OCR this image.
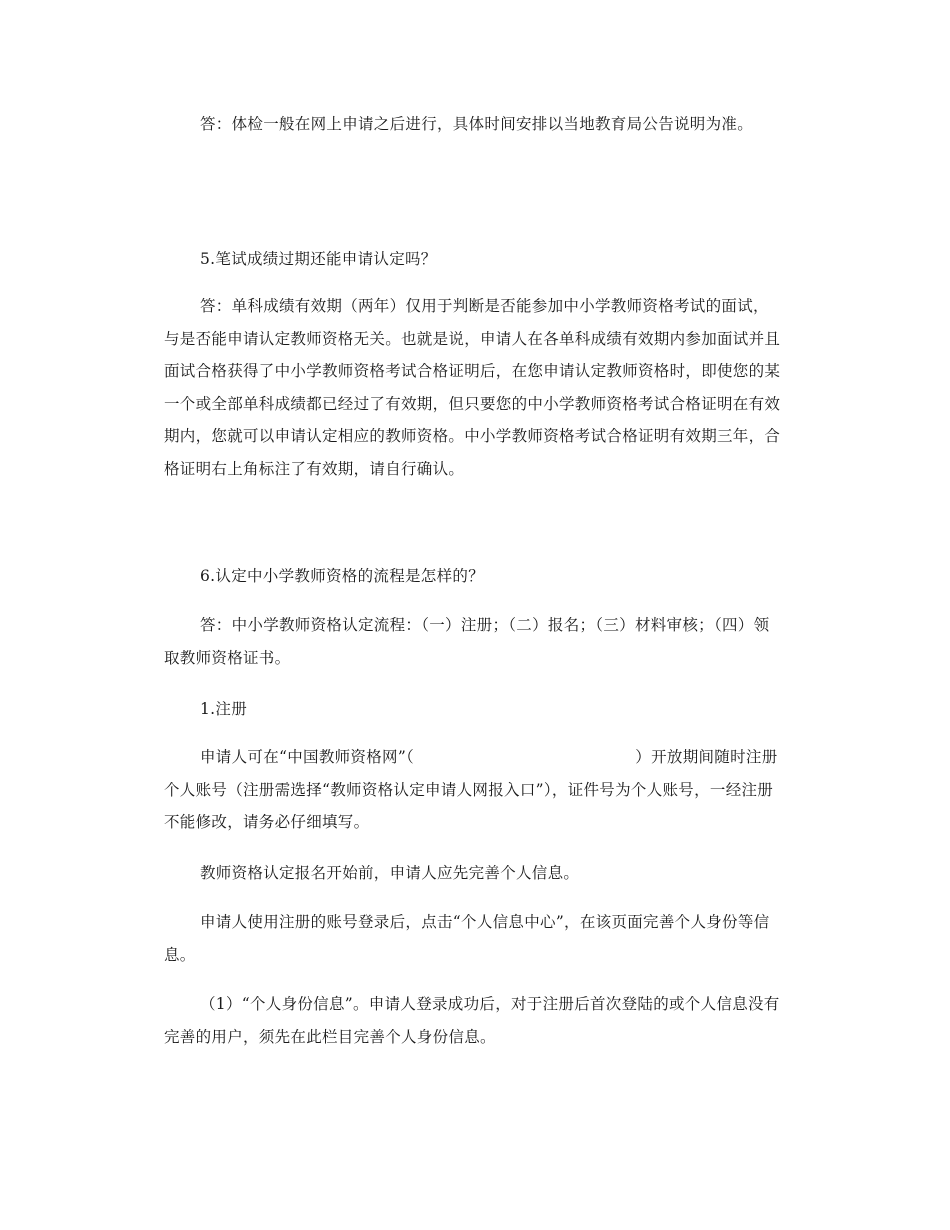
答：体检一般在网上申请之后进行，具体时间安排以当地教育局公告说明为准。

5.笔试成绩过期还能申请认定吗？

答：单科成绩有效期（两年）仅用于判断是否能参加中小学教师资格考试的面试，与是否能申请认定教师资格无关。也就是说，申请人在各单科成绩有效期内参加面试并且面试合格获得了中小学教师资格考试合格证明后，在您申请认定教师资格时，即使您的某一个或全部单科成绩都已经过了有效期，但只要您的中小学教师资格考试合格证明在有效期内，您就可以申请认定相应的教师资格。中小学教师资格考试合格证明有效期三年，合格证明右上角标注了有效期，请自行确认。

6.认定中小学教师资格的流程是怎样的？

答：中小学教师资格认定流程：（一）注册；（二）报名；（三）材料审核；（四）领取教师资格证书。

1.注册

申请人可在“中国教师资格网”（　　　　　　　　　　　　　　）开放期间随时注册个人账号（注册需选择“教师资格认定申请人网报入口”），证件号为个人账号，一经注册不能修改，请务必仔细填写。

教师资格认定报名开始前，申请人应先完善个人信息。

申请人使用注册的账号登录后，点击“个人信息中心”，在该页面完善个人身份等信息。

（1）“个人身份信息”。申请人登录成功后，对于注册后首次登陆的或个人信息没有完善的用户，须先在此栏目完善个人身份信息。
